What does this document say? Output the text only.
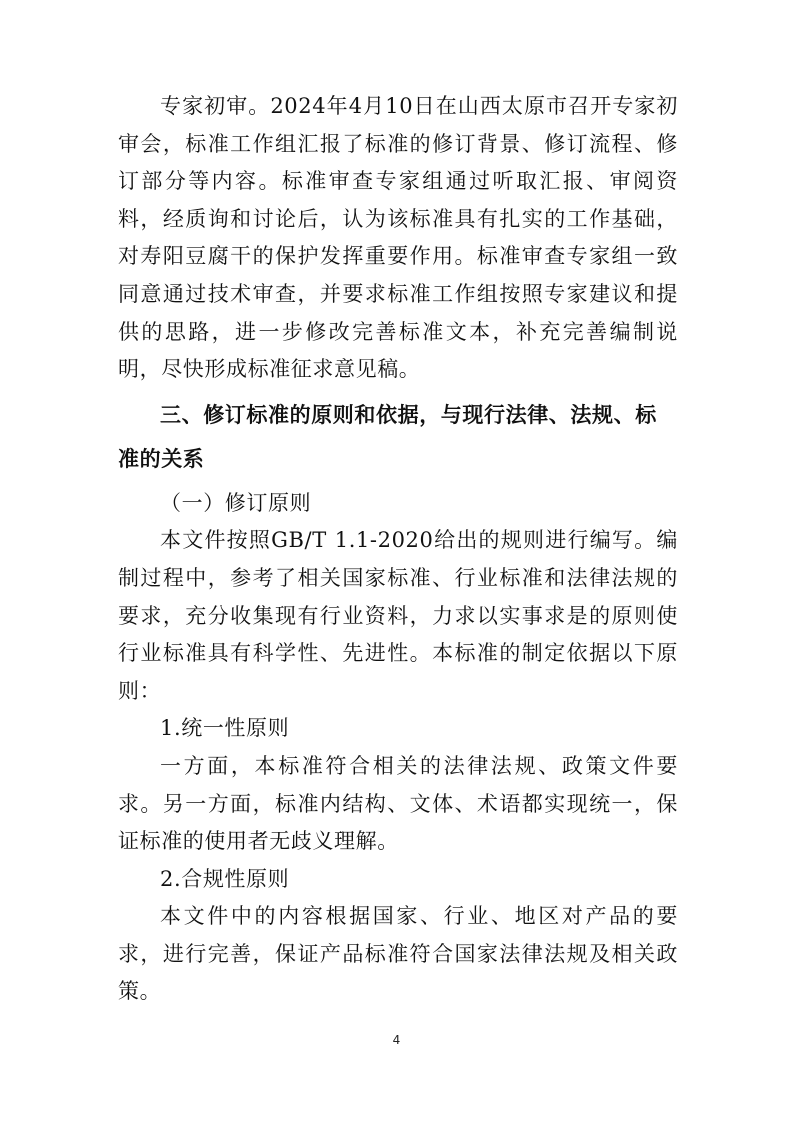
专家初审。2024年4月10日在山西太原市召开专家初审会，标准工作组汇报了标准的修订背景、修订流程、修订部分等内容。标准审查专家组通过听取汇报、审阅资料，经质询和讨论后，认为该标准具有扎实的工作基础，对寿阳豆腐干的保护发挥重要作用。标准审查专家组一致同意通过技术审查，并要求标准工作组按照专家建议和提供的思路，进一步修改完善标准文本，补充完善编制说明，尽快形成标准征求意见稿。

三、修订标准的原则和依据，与现行法律、法规、标准的关系

（一）修订原则

本文件按照GB/T 1.1-2020给出的规则进行编写。编制过程中，参考了相关国家标准、行业标准和法律法规的要求，充分收集现有行业资料，力求以实事求是的原则使行业标准具有科学性、先进性。本标准的制定依据以下原则：

1.统一性原则

一方面，本标准符合相关的法律法规、政策文件要求。另一方面，标准内结构、文体、术语都实现统一，保证标准的使用者无歧义理解。

2.合规性原则

本文件中的内容根据国家、行业、地区对产品的要求，进行完善，保证产品标准符合国家法律法规及相关政策。

4
